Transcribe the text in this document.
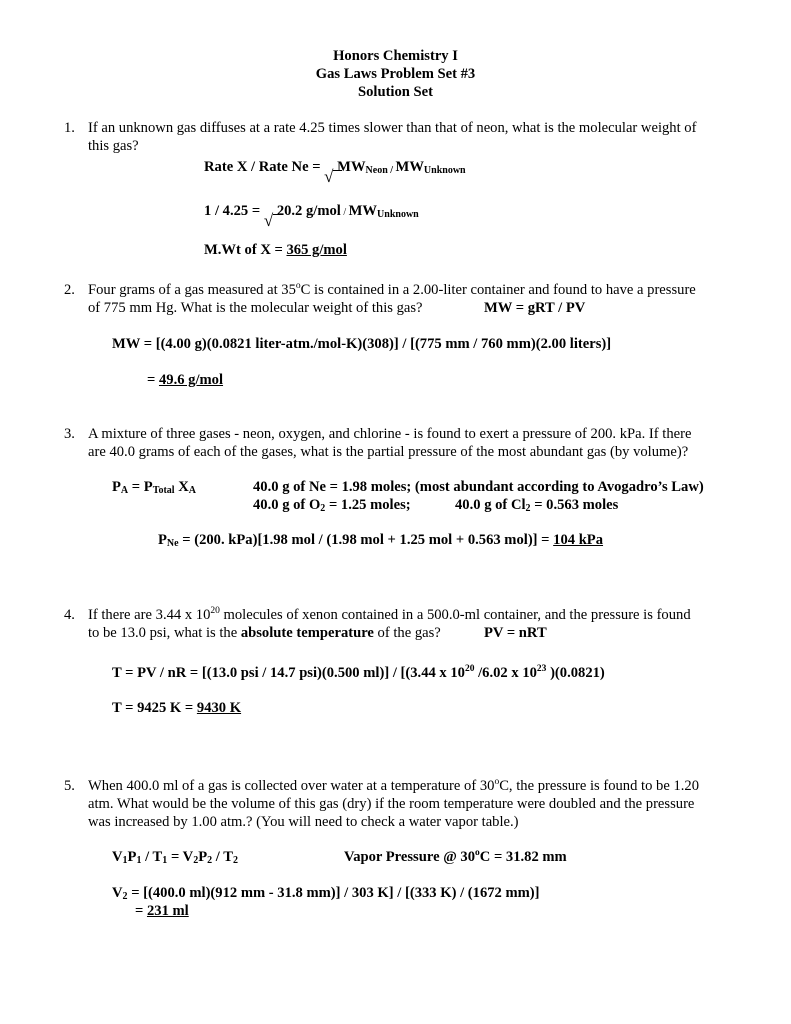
Honors Chemistry I
Gas Laws Problem Set #3
Solution Set
1. If an unknown gas diffuses at a rate 4.25 times slower than that of neon, what is the molecular weight of
this gas?
Rate X / Rate Ne = √ $MW_{Neon /}$ $MW_{Unknown}$
1 / 4.25 = √ 20.2 $g/mol / MW_{Unknown}$
M.Wt of X = 365 g/mol
2. Four grams of a gas measured at 35$^o$C is contained in a 2.00-liter container and found to have a pressure
of 775 mm Hg. What is the molecular weight of this gas?	MW = gRT / PV
MW = [(4.00 g)(0.0821 liter-atm./mol-K)(308)] / [(775 mm / 760 mm)(2.00 liters)]
= 49.6 g/mol
3. A mixture of three gases - neon, oxygen, and chlorine - is found to exert a pressure of 200. kPa. If there
are 40.0 grams of each of the gases, what is the partial pressure of the most abundant gas (by volume)?
$P_A = P_{Total}$ $X_A$	40.0 g of Ne = 1.98 moles; (most abundant according to Avogadro’s Law)
40.0 g of $O_2 = 1.25$ moles;	40.0 g of $Cl_2 = 0.563$ moles
$P_{Ne} = (200$. kPa)[1.98 mol / (1.98 mol + 1.25 mol + 0.563 mol)] = 104 kPa
4. If there are 3.44 x $10^{20}$ molecules of xenon contained in a 500.0-ml container, and the pressure is found
to be 13.0 psi, what is the absolute temperature of the gas?	PV = nRT
T = PV / nR = [(13.0 psi / 14.7 psi)(0.500 ml)] / [(3.44 x $10^{20}$ /6.02 x $10^{23}$ )(0.0821)
T = 9425 K = 9430 K
5. When 400.0 ml of a gas is collected over water at a temperature of 30$^o$C, the pressure is found to be 1.20
atm. What would be the volume of this gas (dry) if the room temperature were doubled and the pressure
was increased by 1.00 atm.? (You will need to check a water vapor table.)
$V_1P_1 / T_1 = V_2P_2 / T_2$	Vapor Pressure @ $30^oC = 31.82$ mm
$V_2 = [(400.0$ ml)(912 mm - 31.8 mm)] / 303 K] / [(333 K) / (1672 mm)]
= 231 ml
